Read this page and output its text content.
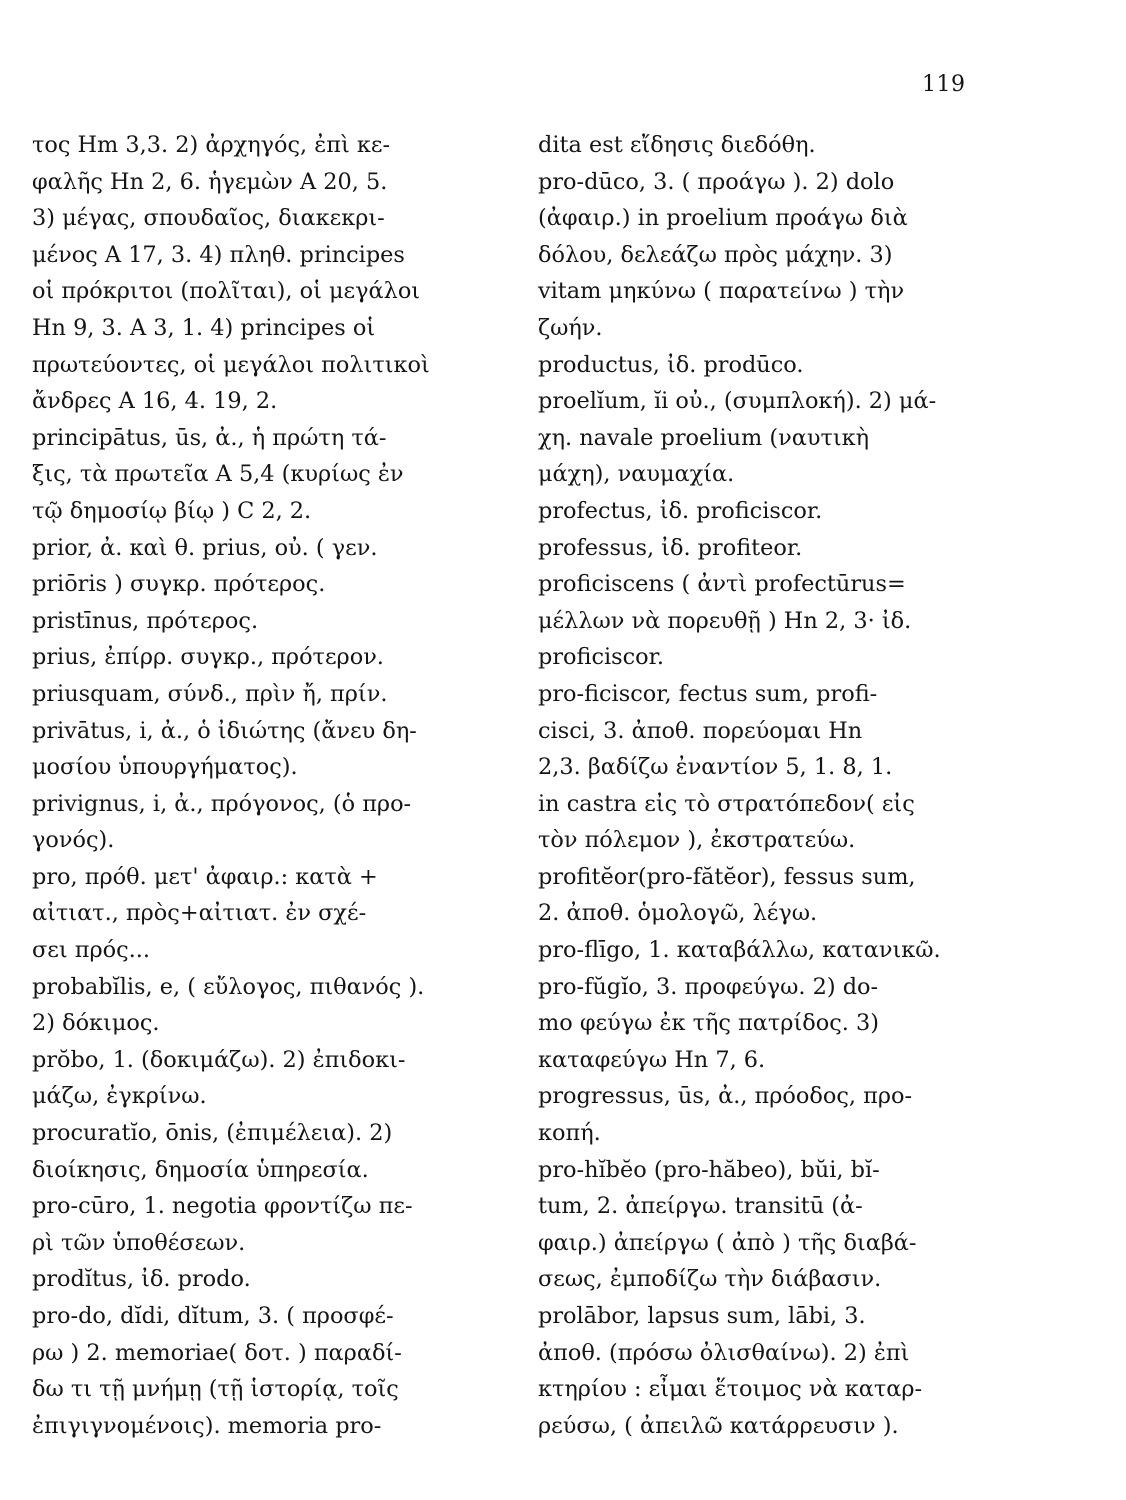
119
τος Hm 3,3. 2) ἀρχηγός, ἐπὶ κε-
φαλῆς Hn 2, 6. ἡγεμὼν A 20, 5.
3) μέγας, σπουδαῖος, διακεκρι-
μένος A 17, 3. 4) πληθ. principes
οἱ πρόκριτοι (πολῖται), οἱ μεγάλοι
Hn 9, 3. A 3, 1. 4) principes οἱ
πρωτεύοντες, οἱ μεγάλοι πολιτικοὶ
ἄνδρες A 16, 4. 19, 2.
principātus, ūs, ἀ., ἡ πρώτη τά-
ξις, τὰ πρωτεῖα A 5,4 (κυρίως ἐν
τῷ δημοσίῳ βίῳ ) C 2, 2.
prior, ἀ. καὶ θ. prius, οὐ. ( γεν.
priōris ) συγκρ. πρότερος.
pristīnus, πρότερος.
prius, ἐπίρρ. συγκρ., πρότερον.
priusquam, σύνδ., πρὶν ἤ, πρίν.
privātus, i, ἀ., ὁ ἰδιώτης (ἄνευ δη-
μοσίου ὑπουργήματος).
privignus, i, ἀ., πρόγονος, (ὁ προ-
γονός).
pro, πρόθ. μετ' ἀφαιρ.: κατὰ +
αἰτιατ., πρὸς+αἰτιατ. ἐν σχέ-
σει πρός...
probabĭlis, e, ( εὔλογος, πιθανός ).
2) δόκιμος.
prŏbo, 1. (δοκιμάζω). 2) ἐπιδοκι-
μάζω, ἐγκρίνω.
procuratĭo, ōnis, (ἐπιμέλεια). 2)
διοίκησις, δημοσία ὑπηρεσία.
pro-cūro, 1. negotia φροντίζω πε-
ρὶ τῶν ὑποθέσεων.
prodĭtus, ἰδ. prodo.
pro-do, dĭdi, dĭtum, 3. ( προσφέ-
ρω ) 2. memoriae( δοτ. ) παραδί-
δω τι τῇ μνήμῃ (τῇ ἱστορίᾳ, τοῖς
ἐπιγιγνομένοις). memoria pro-
dita est εἴδησις διεδόθη.
pro-dūco, 3. ( προάγω ). 2) dolo
(ἀφαιρ.) in proelium προάγω διὰ
δόλου, δελεάζω πρὸς μάχην. 3)
vitam μηκύνω ( παρατείνω ) τὴν
ζωήν.
productus, ἰδ. prodūco.
proelĭum, ĭi οὐ., (συμπλοκή). 2) μά-
χη. navale proelium (ναυτικὴ
μάχη), ναυμαχία.
profectus, ἰδ. proficiscor.
professus, ἰδ. profiteor.
proficiscens ( ἀντὶ profectūrus=
μέλλων νὰ πορευθῇ ) Hn 2, 3· ἰδ.
proficiscor.
pro-ficiscor, fectus sum, profi-
cisci, 3. ἀποθ. πορεύομαι Hn
2,3. βαδίζω ἐναντίον 5, 1. 8, 1.
in castra εἰς τὸ στρατόπεδον( εἰς
τὸν πόλεμον ), ἐκστρατεύω.
profitĕor(pro-fătĕor), fessus sum,
2. ἀποθ. ὁμολογῶ, λέγω.
pro-flīgo, 1. καταβάλλω, κατανικῶ.
pro-fŭgĭo, 3. προφεύγω. 2) do-
mo φεύγω ἐκ τῆς πατρίδος. 3)
καταφεύγω Hn 7, 6.
progressus, ūs, ἀ., πρόοδος, προ-
κοπή.
pro-hĭbĕo (pro-hăbeo), bŭi, bĭ-
tum, 2. ἀπείργω. transitū (ἀ-
φαιρ.) ἀπείργω ( ἀπὸ ) τῆς διαβά-
σεως, ἐμποδίζω τὴν διάβασιν.
prolābor, lapsus sum, lābi, 3.
ἀποθ. (πρόσω ὀλισθαίνω). 2) ἐπὶ
κτηρίου : εἶμαι ἕτοιμος νὰ καταρ-
ρεύσω, ( ἀπειλῶ κατάρρευσιν ).
